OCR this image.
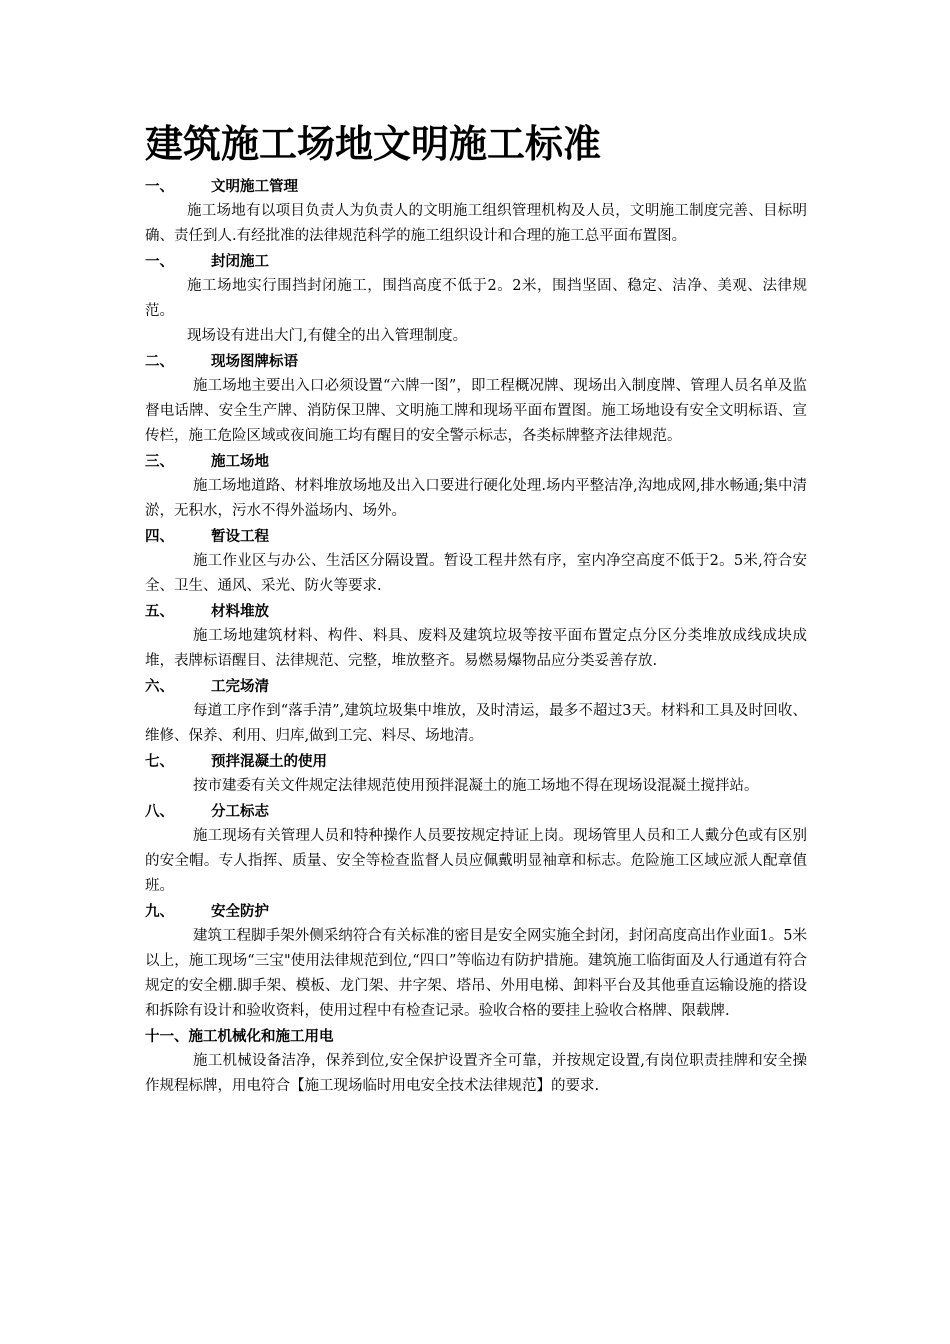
建筑施工场地文明施工标准
一、	文明施工管理

施工场地有以项目负责人为负责人的文明施工组织管理机构及人员，文明施工制度完善、目标明确、责任到人.有经批准的法律规范科学的施工组织设计和合理的施工总平面布置图。

一、	封闭施工

施工场地实行围挡封闭施工，围挡高度不低于2。2米，围挡坚固、稳定、洁净、美观、法律规范。

现场设有进出大门,有健全的出入管理制度。

二、	现场图牌标语

施工场地主要出入口必须设置“六牌一图”，即工程概况牌、现场出入制度牌、管理人员名单及监督电话牌、安全生产牌、消防保卫牌、文明施工牌和现场平面布置图。施工场地设有安全文明标语、宣传栏，施工危险区域或夜间施工均有醒目的安全警示标志，各类标牌整齐法律规范。

三、	施工场地

施工场地道路、材料堆放场地及出入口要进行硬化处理.场内平整洁净,沟地成网,排水畅通;集中清淤，无积水，污水不得外溢场内、场外。

四、	暂设工程

施工作业区与办公、生活区分隔设置。暂设工程井然有序，室内净空高度不低于2。5米,符合安全、卫生、通风、采光、防火等要求.

五、	材料堆放

施工场地建筑材料、构件、料具、废料及建筑垃圾等按平面布置定点分区分类堆放成线成块成堆，表牌标语醒目、法律规范、完整，堆放整齐。易燃易爆物品应分类妥善存放.

六、	工完场清

每道工序作到“落手清”,建筑垃圾集中堆放，及时清运，最多不超过3天。材料和工具及时回收、维修、保养、利用、归库,做到工完、料尽、场地清。

七、	预拌混凝土的使用

按市建委有关文件规定法律规范使用预拌混凝土的施工场地不得在现场设混凝土搅拌站。

八、	分工标志

施工现场有关管理人员和特种操作人员要按规定持证上岗。现场管里人员和工人戴分色或有区别的安全帽。专人指挥、质量、安全等检查监督人员应佩戴明显袖章和标志。危险施工区域应派人配章值班。

九、	安全防护

建筑工程脚手架外侧采纳符合有关标准的密目是安全网实施全封闭，封闭高度高出作业面1。5米以上，施工现场“三宝"使用法律规范到位,“四口”等临边有防护措施。建筑施工临街面及人行通道有符合规定的安全棚.脚手架、模板、龙门架、井字架、塔吊、外用电梯、卸料平台及其他垂直运输设施的搭设和拆除有设计和验收资料，使用过程中有检查记录。验收合格的要挂上验收合格牌、限载牌.

十一、 施工机械化和施工用电

施工机械设备洁净，保养到位,安全保护设置齐全可靠，并按规定设置,有岗位职责挂牌和安全操作规程标牌，用电符合【施工现场临时用电安全技术法律规范】的要求.
